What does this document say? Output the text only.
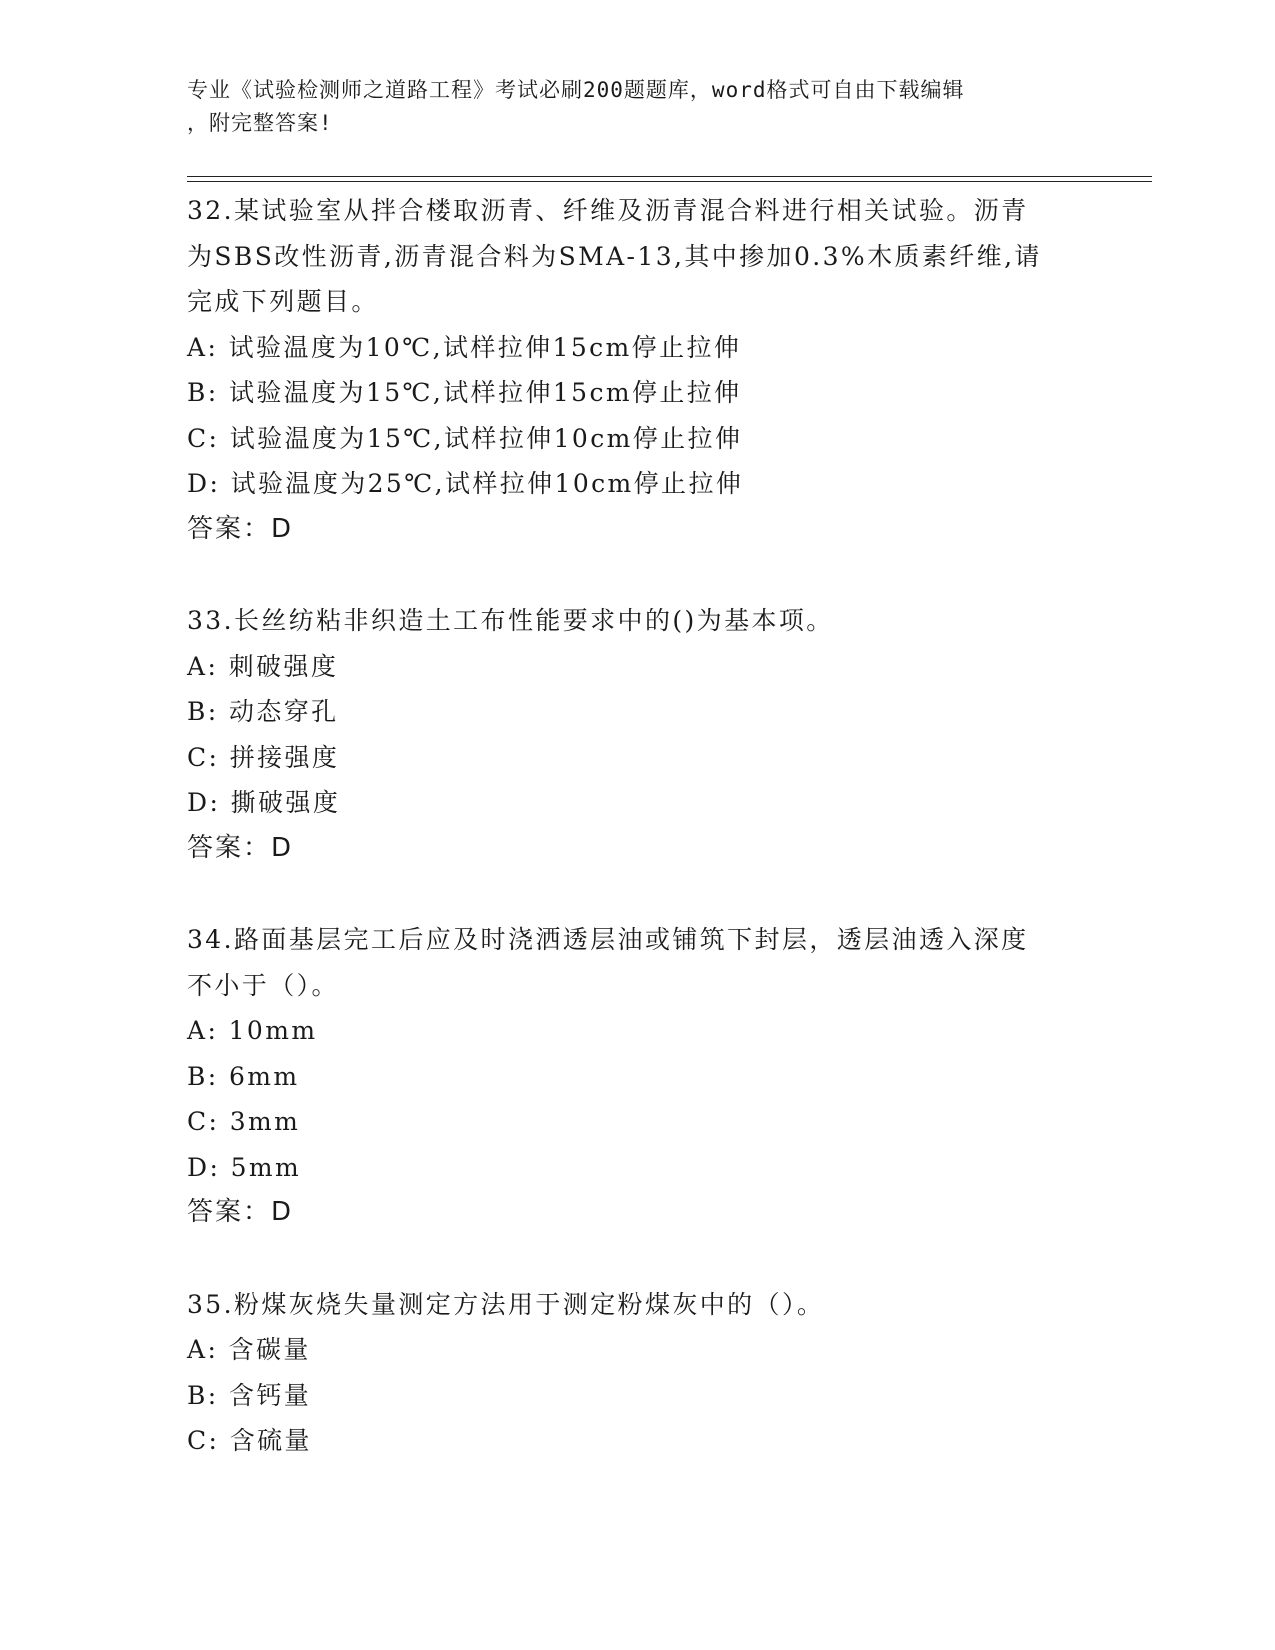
专业《试验检测师之道路工程》考试必刷200题题库，word格式可自由下载编辑
，附完整答案!
32.某试验室从拌合楼取沥青、纤维及沥青混合料进行相关试验。沥青
为SBS改性沥青,沥青混合料为SMA-13,其中掺加0.3%木质素纤维,请
完成下列题目。
A: 试验温度为10℃,试样拉伸15cm停止拉伸
B: 试验温度为15℃,试样拉伸15cm停止拉伸
C: 试验温度为15℃,试样拉伸10cm停止拉伸
D: 试验温度为25℃,试样拉伸10cm停止拉伸
答案：D
33.长丝纺粘非织造土工布性能要求中的()为基本项。
A: 刺破强度
B: 动态穿孔
C: 拼接强度
D: 撕破强度
答案：D
34.路面基层完工后应及时浇洒透层油或铺筑下封层，透层油透入深度
不小于（）。
A: 10mm
B: 6mm
C: 3mm
D: 5mm
答案：D
35.粉煤灰烧失量测定方法用于测定粉煤灰中的（）。
A: 含碳量
B: 含钙量
C: 含硫量
